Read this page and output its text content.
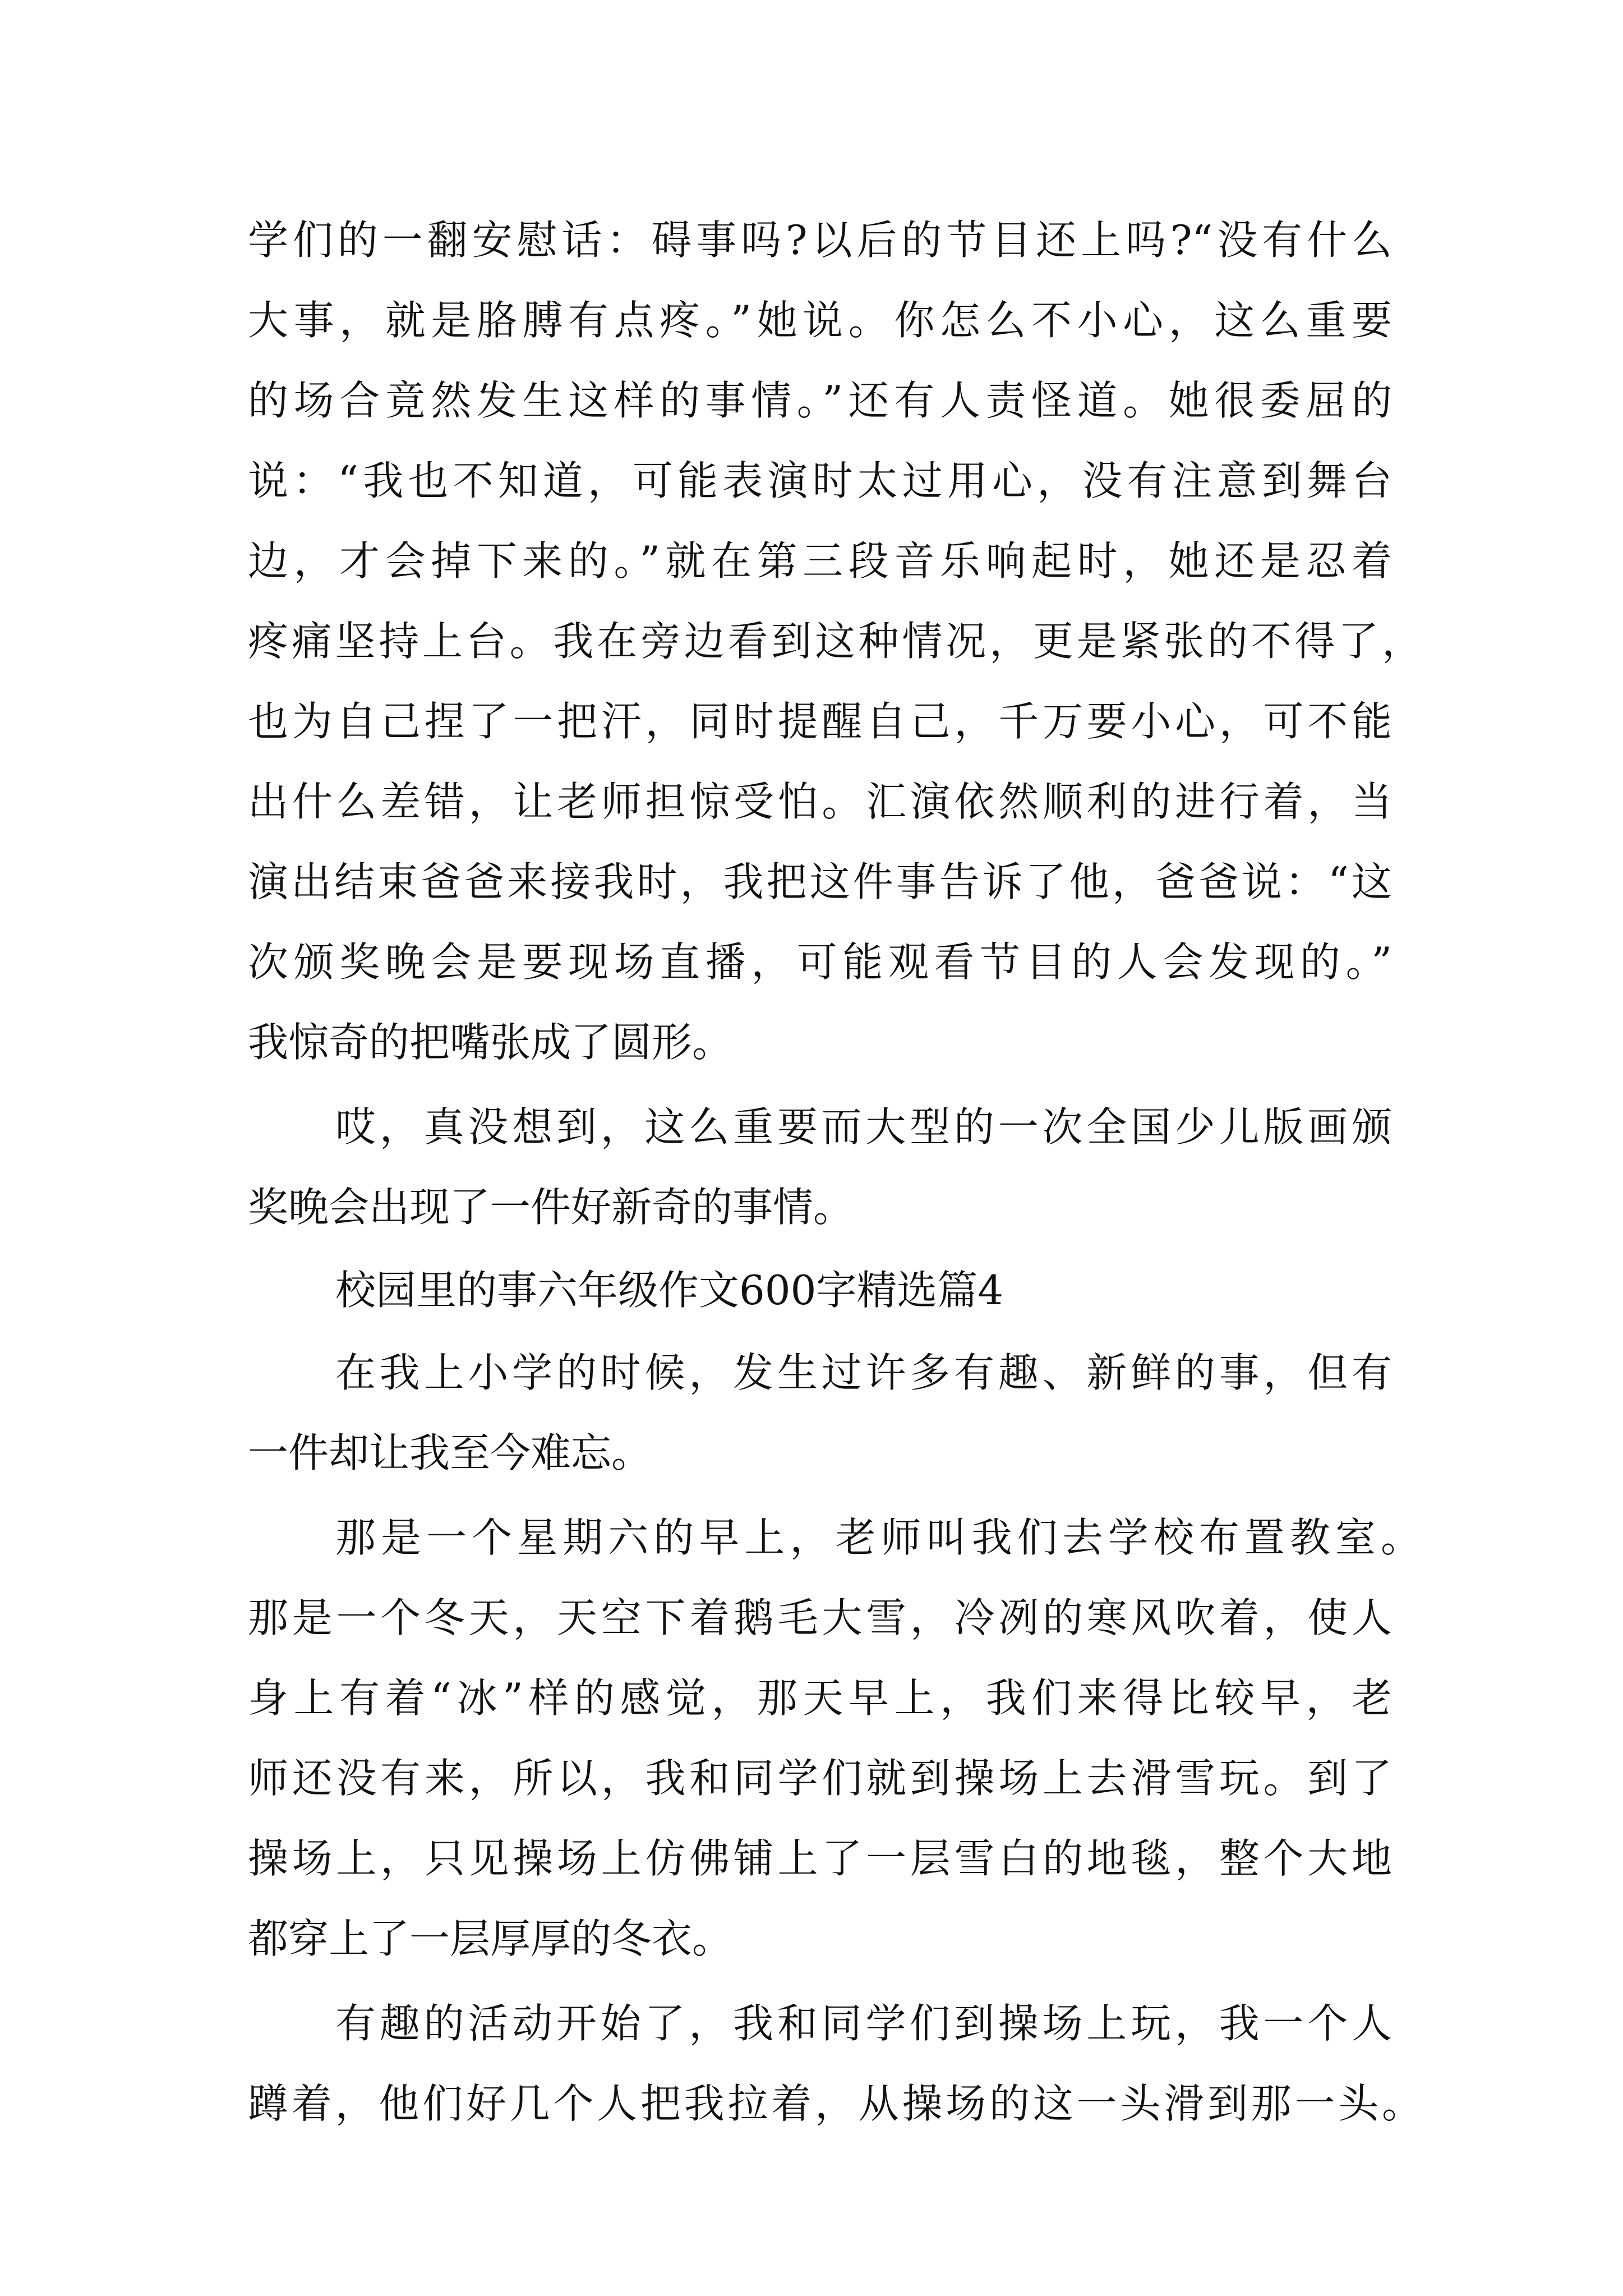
学们的一翻安慰话：碍事吗?以后的节目还上吗?“没有什么
大事，就是胳膊有点疼。”她说。你怎么不小心，这么重要
的场合竟然发生这样的事情。”还有人责怪道。她很委屈的
说：“我也不知道，可能表演时太过用心，没有注意到舞台
边，才会掉下来的。”就在第三段音乐响起时，她还是忍着
疼痛坚持上台。我在旁边看到这种情况，更是紧张的不得了，
也为自己捏了一把汗，同时提醒自己，千万要小心，可不能
出什么差错，让老师担惊受怕。汇演依然顺利的进行着，当
演出结束爸爸来接我时，我把这件事告诉了他，爸爸说：“这
次颁奖晚会是要现场直播，可能观看节目的人会发现的。”
我惊奇的把嘴张成了圆形。
哎，真没想到，这么重要而大型的一次全国少儿版画颁
奖晚会出现了一件好新奇的事情。
校园里的事六年级作文600字精选篇4
在我上小学的时候，发生过许多有趣、新鲜的事，但有
一件却让我至今难忘。
那是一个星期六的早上，老师叫我们去学校布置教室。
那是一个冬天，天空下着鹅毛大雪，冷冽的寒风吹着，使人
身上有着“冰”样的感觉，那天早上，我们来得比较早，老
师还没有来，所以，我和同学们就到操场上去滑雪玩。到了
操场上，只见操场上仿佛铺上了一层雪白的地毯，整个大地
都穿上了一层厚厚的冬衣。
有趣的活动开始了，我和同学们到操场上玩，我一个人
蹲着，他们好几个人把我拉着，从操场的这一头滑到那一头。
